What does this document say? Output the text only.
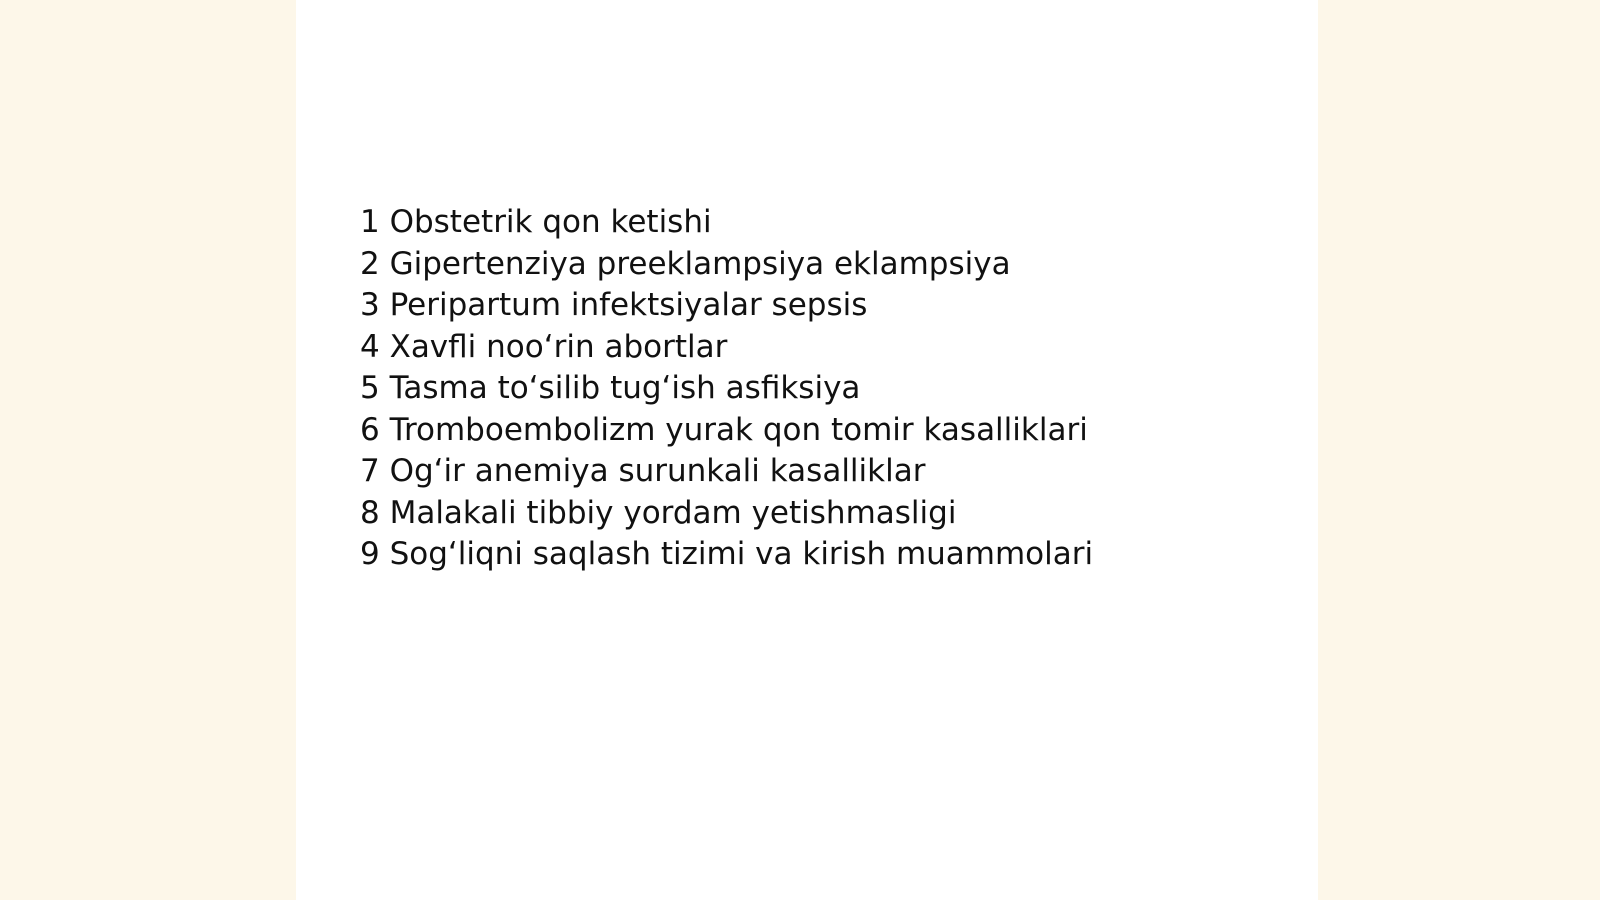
1 Obstetrik qon ketishi
2 Gipertenziya preeklampsiya eklampsiya
3 Peripartum infektsiyalar sepsis
4 Xavfli noo‘rin abortlar
5 Tasma to‘silib tug‘ish asfiksiya
6 Tromboembolizm yurak qon tomir kasalliklari
7 Og‘ir anemiya surunkali kasalliklar
8 Malakali tibbiy yordam yetishmasligi
9 Sog‘liqni saqlash tizimi va kirish muammolari
